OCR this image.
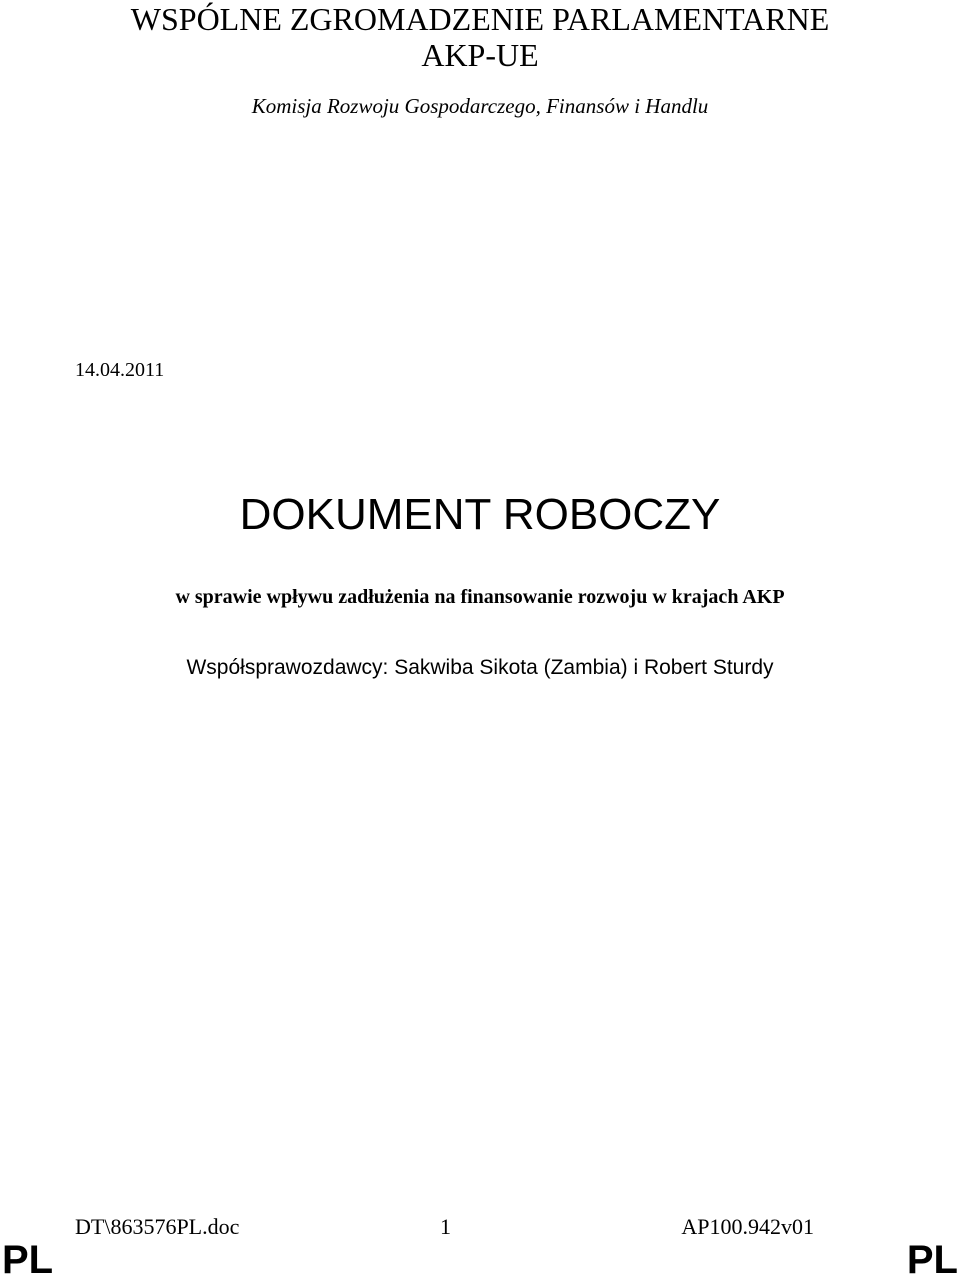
WSPÓLNE ZGROMADZENIE PARLAMENTARNE
AKP-UE
Komisja Rozwoju Gospodarczego, Finansów i Handlu
14.04.2011
DOKUMENT ROBOCZY
w sprawie wpływu zadłużenia na finansowanie rozwoju w krajach AKP
Współsprawozdawcy: Sakwiba Sikota (Zambia) i Robert Sturdy
DT\863576PL.doc	1	AP100.942v01
PL	PL
